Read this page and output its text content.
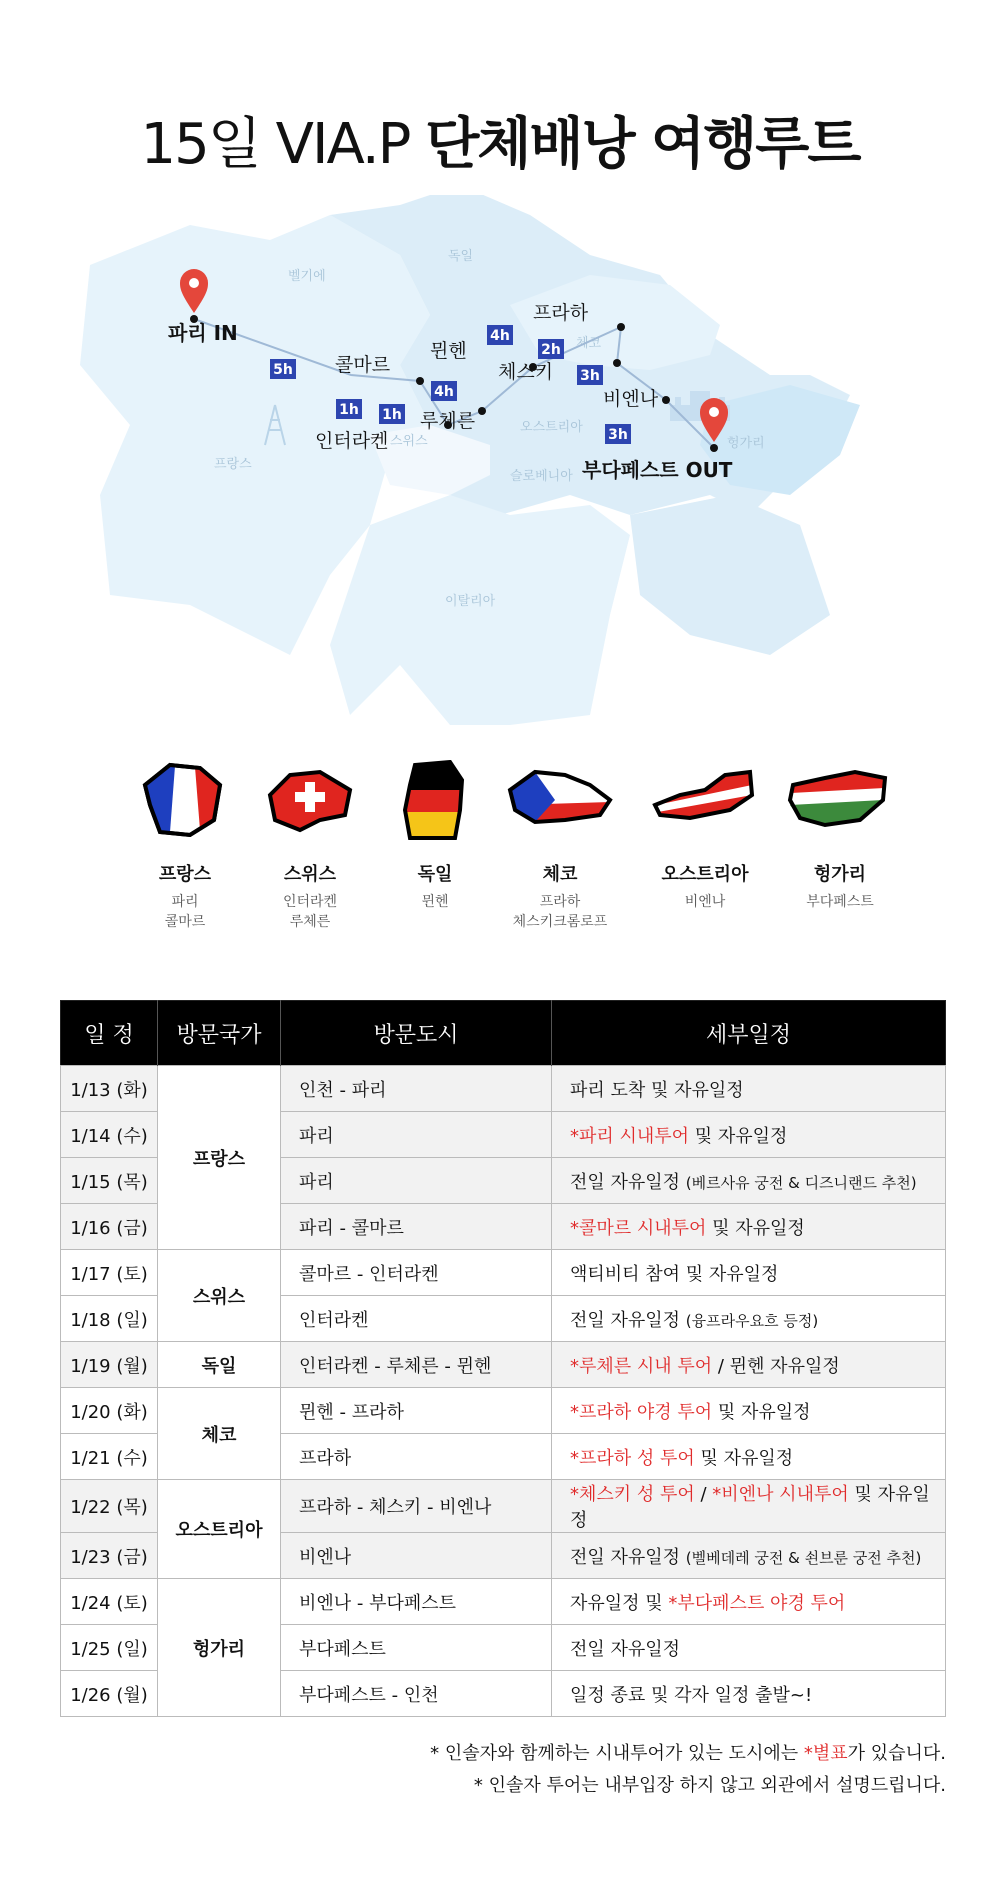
15일 VIA.P 단체배낭 여행루트
벨기에
독일
체코
프랑스
스위스
오스트리아
헝가리
슬로베니아
이탈리아
파리 IN
콜마르
인터라켄
루체른
뮌헨
프라하
체스키
비엔나
부다페스트 OUT
5h
1h 1h
4h
4h
2h
3h
3h
프랑스
파리
콜마르
스위스
인터라켄
루체른
독일
뮌헨
체코
프라하
체스키크롬로프
오스트리아
비엔나
헝가리
부다페스트
일 정	방문국가	방문도시	세부일정
1/13 (화)	프랑스	인천 - 파리	파리 도착 및 자유일정
1/14 (수)		파리	*파리 시내투어 및 자유일정
1/15 (목)		파리	전일 자유일정 (베르사유 궁전 & 디즈니랜드 추천)
1/16 (금)		파리 - 콜마르	*콜마르 시내투어 및 자유일정
1/17 (토)	스위스	콜마르 - 인터라켄	액티비티 참여 및 자유일정
1/18 (일)		인터라켄	전일 자유일정 (융프라우요흐 등정)
1/19 (월)	독일	인터라켄 - 루체른 - 뮌헨	*루체른 시내 투어 / 뮌헨 자유일정
1/20 (화)	체코	뮌헨 - 프라하	*프라하 야경 투어 및 자유일정
1/21 (수)		프라하	*프라하 성 투어 및 자유일정
1/22 (목)	오스트리아	프라하 - 체스키 - 비엔나	*체스키 성 투어 / *비엔나 시내투어 및 자유일정
1/23 (금)		비엔나	전일 자유일정 (벨베데레 궁전 & 쇤브룬 궁전 추천)
1/24 (토)	헝가리	비엔나 - 부다페스트	자유일정 및 *부다페스트 야경 투어
1/25 (일)		부다페스트	전일 자유일정
1/26 (월)		부다페스트 - 인천	일정 종료 및 각자 일정 출발~!
* 인솔자와 함께하는 시내투어가 있는 도시에는 *별표가 있습니다.
* 인솔자 투어는 내부입장 하지 않고 외관에서 설명드립니다.
